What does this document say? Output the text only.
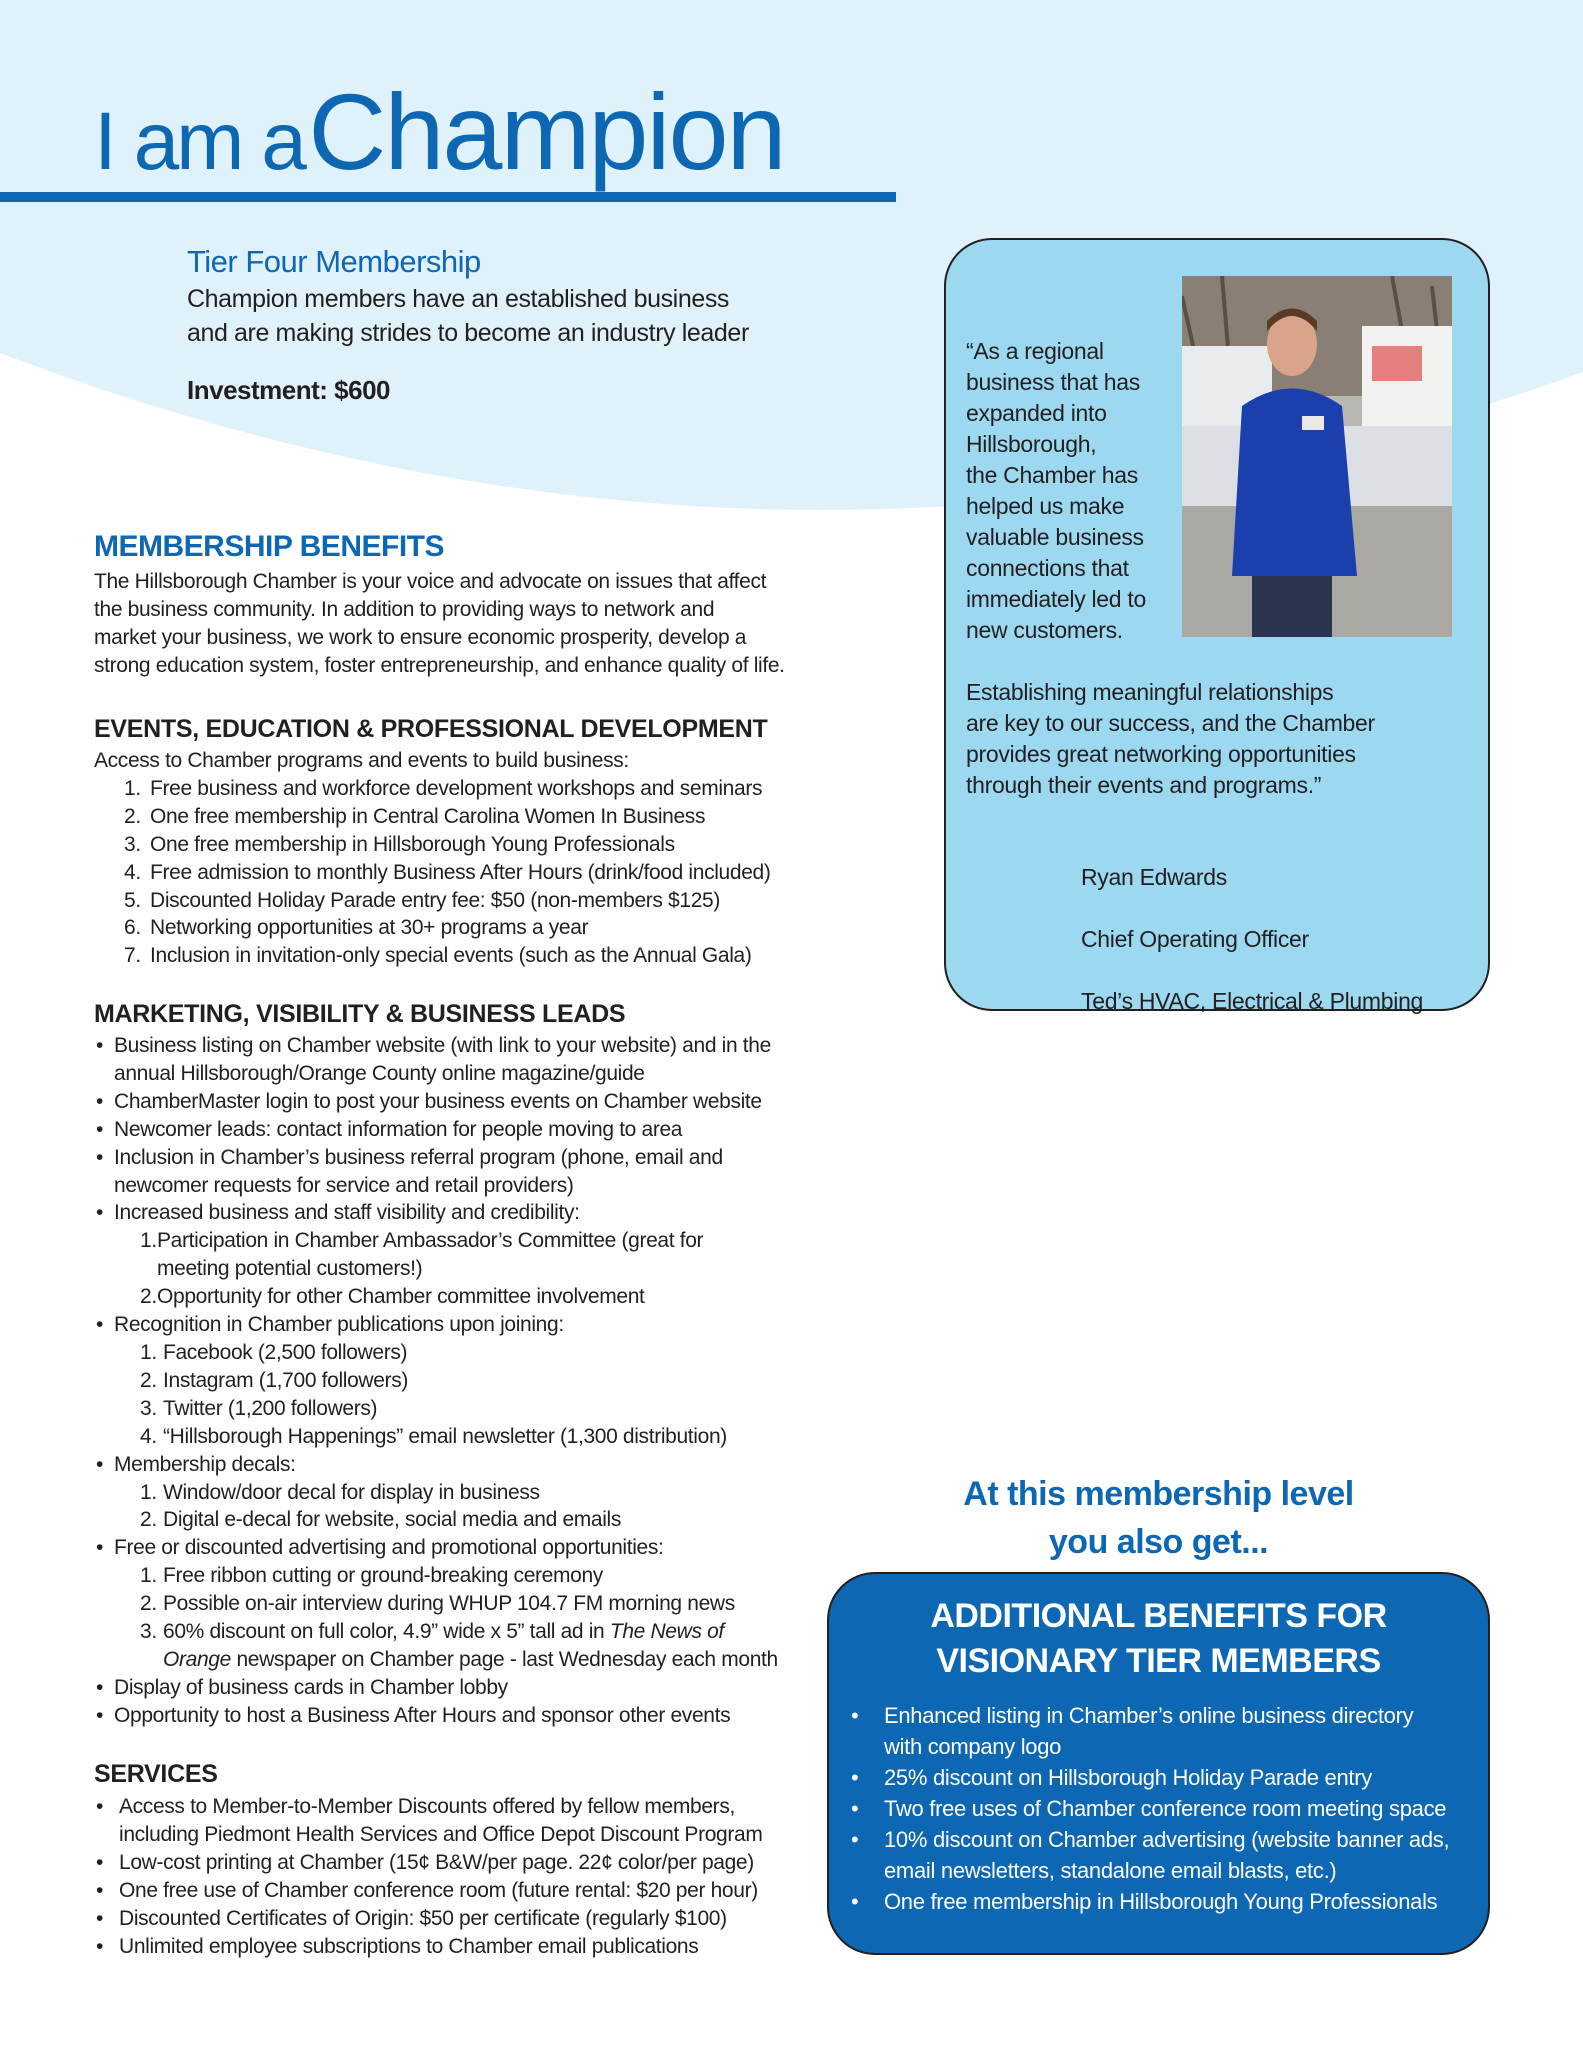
I am a Champion
Tier Four Membership
Champion members have an established business
and are making strides to become an industry leader
Investment: $600
MEMBERSHIP BENEFITS
The Hillsborough Chamber is your voice and advocate on issues that affect
the business community. In addition to providing ways to network and
market your business, we work to ensure economic prosperity, develop a
strong education system, foster entrepreneurship, and enhance quality of life.
EVENTS, EDUCATION & PROFESSIONAL DEVELOPMENT
Access to Chamber programs and events to build business:
1. Free business and workforce development workshops and seminars
2. One free membership in Central Carolina Women In Business
3. One free membership in Hillsborough Young Professionals
4. Free admission to monthly Business After Hours (drink/food included)
5. Discounted Holiday Parade entry fee: $50 (non-members $125)
6. Networking opportunities at 30+ programs a year
7. Inclusion in invitation-only special events (such as the Annual Gala)
MARKETING, VISIBILITY & BUSINESS LEADS
• Business listing on Chamber website (with link to your website) and in the
annual Hillsborough/Orange County online magazine/guide
• ChamberMaster login to post your business events on Chamber website
• Newcomer leads: contact information for people moving to area
• Inclusion in Chamber’s business referral program (phone, email and
newcomer requests for service and retail providers)
• Increased business and staff visibility and credibility:
1. Participation in Chamber Ambassador’s Committee (great for
meeting potential customers!)
2. Opportunity for other Chamber committee involvement
• Recognition in Chamber publications upon joining:
1. Facebook (2,500 followers)
2. Instagram (1,700 followers)
3. Twitter (1,200 followers)
4. “Hillsborough Happenings” email newsletter (1,300 distribution)
• Membership decals:
1. Window/door decal for display in business
2. Digital e-decal for website, social media and emails
• Free or discounted advertising and promotional opportunities:
1. Free ribbon cutting or ground-breaking ceremony
2. Possible on-air interview during WHUP 104.7 FM morning news
3. 60% discount on full color, 4.9” wide x 5” tall ad in The News of
Orange newspaper on Chamber page - last Wednesday each month
• Display of business cards in Chamber lobby
• Opportunity to host a Business After Hours and sponsor other events
SERVICES
• Access to Member-to-Member Discounts offered by fellow members,
including Piedmont Health Services and Office Depot Discount Program
• Low-cost printing at Chamber (15¢ B&W/per page. 22¢ color/per page)
• One free use of Chamber conference room (future rental: $20 per hour)
• Discounted Certificates of Origin: $50 per certificate (regularly $100)
• Unlimited employee subscriptions to Chamber email publications
“As a regional
business that has
expanded into
Hillsborough,
the Chamber has
helped us make
valuable business
connections that
immediately led to
new customers.
Establishing meaningful relationships
are key to our success, and the Chamber
provides great networking opportunities
through their events and programs.”

Ryan Edwards

Chief Operating Officer

Ted’s HVAC, Electrical & Plumbing

At this membership level
you also get...
ADDITIONAL BENEFITS FOR
VISIONARY TIER MEMBERS
• Enhanced listing in Chamber’s online business directory
with company logo
• 25% discount on Hillsborough Holiday Parade entry
• Two free uses of Chamber conference room meeting space
• 10% discount on Chamber advertising (website banner ads,
email newsletters, standalone email blasts, etc.)
• One free membership in Hillsborough Young Professionals
